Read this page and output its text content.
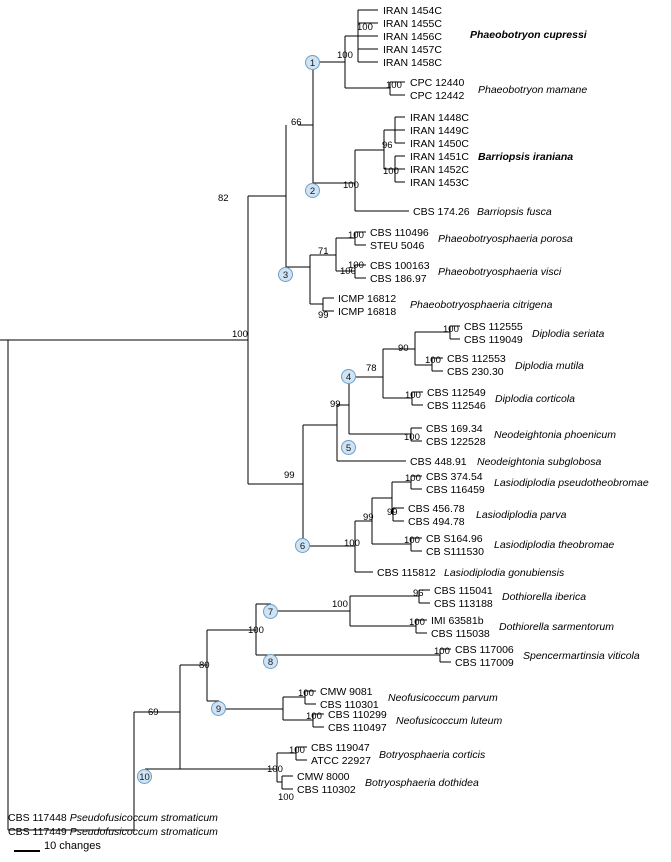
1
2
3
4
5
6
7
8
9
10
100
100
100
66
96
100
100
82
100
71
100
100
99
100	100
90
100
78
99
100
100
99	100
99
99
100
100
96
100
100
100
100
80
100
100
69
100
100
100
IRAN 1454C
IRAN 1455C
IRAN 1456C
IRAN 1457C
IRAN 1458C
CPC 12440
CPC 12442
IRAN 1448C
IRAN 1449C
IRAN 1450C
IRAN 1451C
IRAN 1452C
IRAN 1453C
CBS 174.26
CBS 110496
STEU 5046
CBS 100163
CBS 186.97
ICMP 16812
ICMP 16818
CBS 112555
CBS 119049
CBS 112553
CBS 230.30
CBS 112549
CBS 112546
CBS 169.34
CBS 122528
CBS 448.91
CBS 374.54
CBS 116459
CBS 456.78
CBS 494.78
CB S164.96
CB S111530
CBS 115812
CBS 115041
CBS 113188
IMI 63581b
CBS 115038
CBS 117006
CBS 117009
CMW 9081
CBS 110301
CBS 110299
CBS 110497
CBS 119047
ATCC 22927
CMW 8000
CBS 110302
Phaeobotryon cupressi
Phaeobotryon mamane
Barriopsis iraniana
Barriopsis fusca
Phaeobotryosphaeria porosa
Phaeobotryosphaeria visci
Phaeobotryosphaeria citrigena
Diplodia seriata
Diplodia mutila
Diplodia corticola
Neodeightonia phoenicum
Neodeightonia subglobosa
Lasiodiplodia pseudotheobromae
Lasiodiplodia parva
Lasiodiplodia theobromae
Lasiodiplodia gonubiensis
Dothiorella iberica
Dothiorella sarmentorum
Spencermartinsia viticola
Neofusicoccum parvum
Neofusicoccum luteum
Botryosphaeria corticis
Botryosphaeria dothidea
CBS 117448 Pseudofusicoccum stromaticum
CBS 117449 Pseudofusicoccum stromaticum
10 changes
